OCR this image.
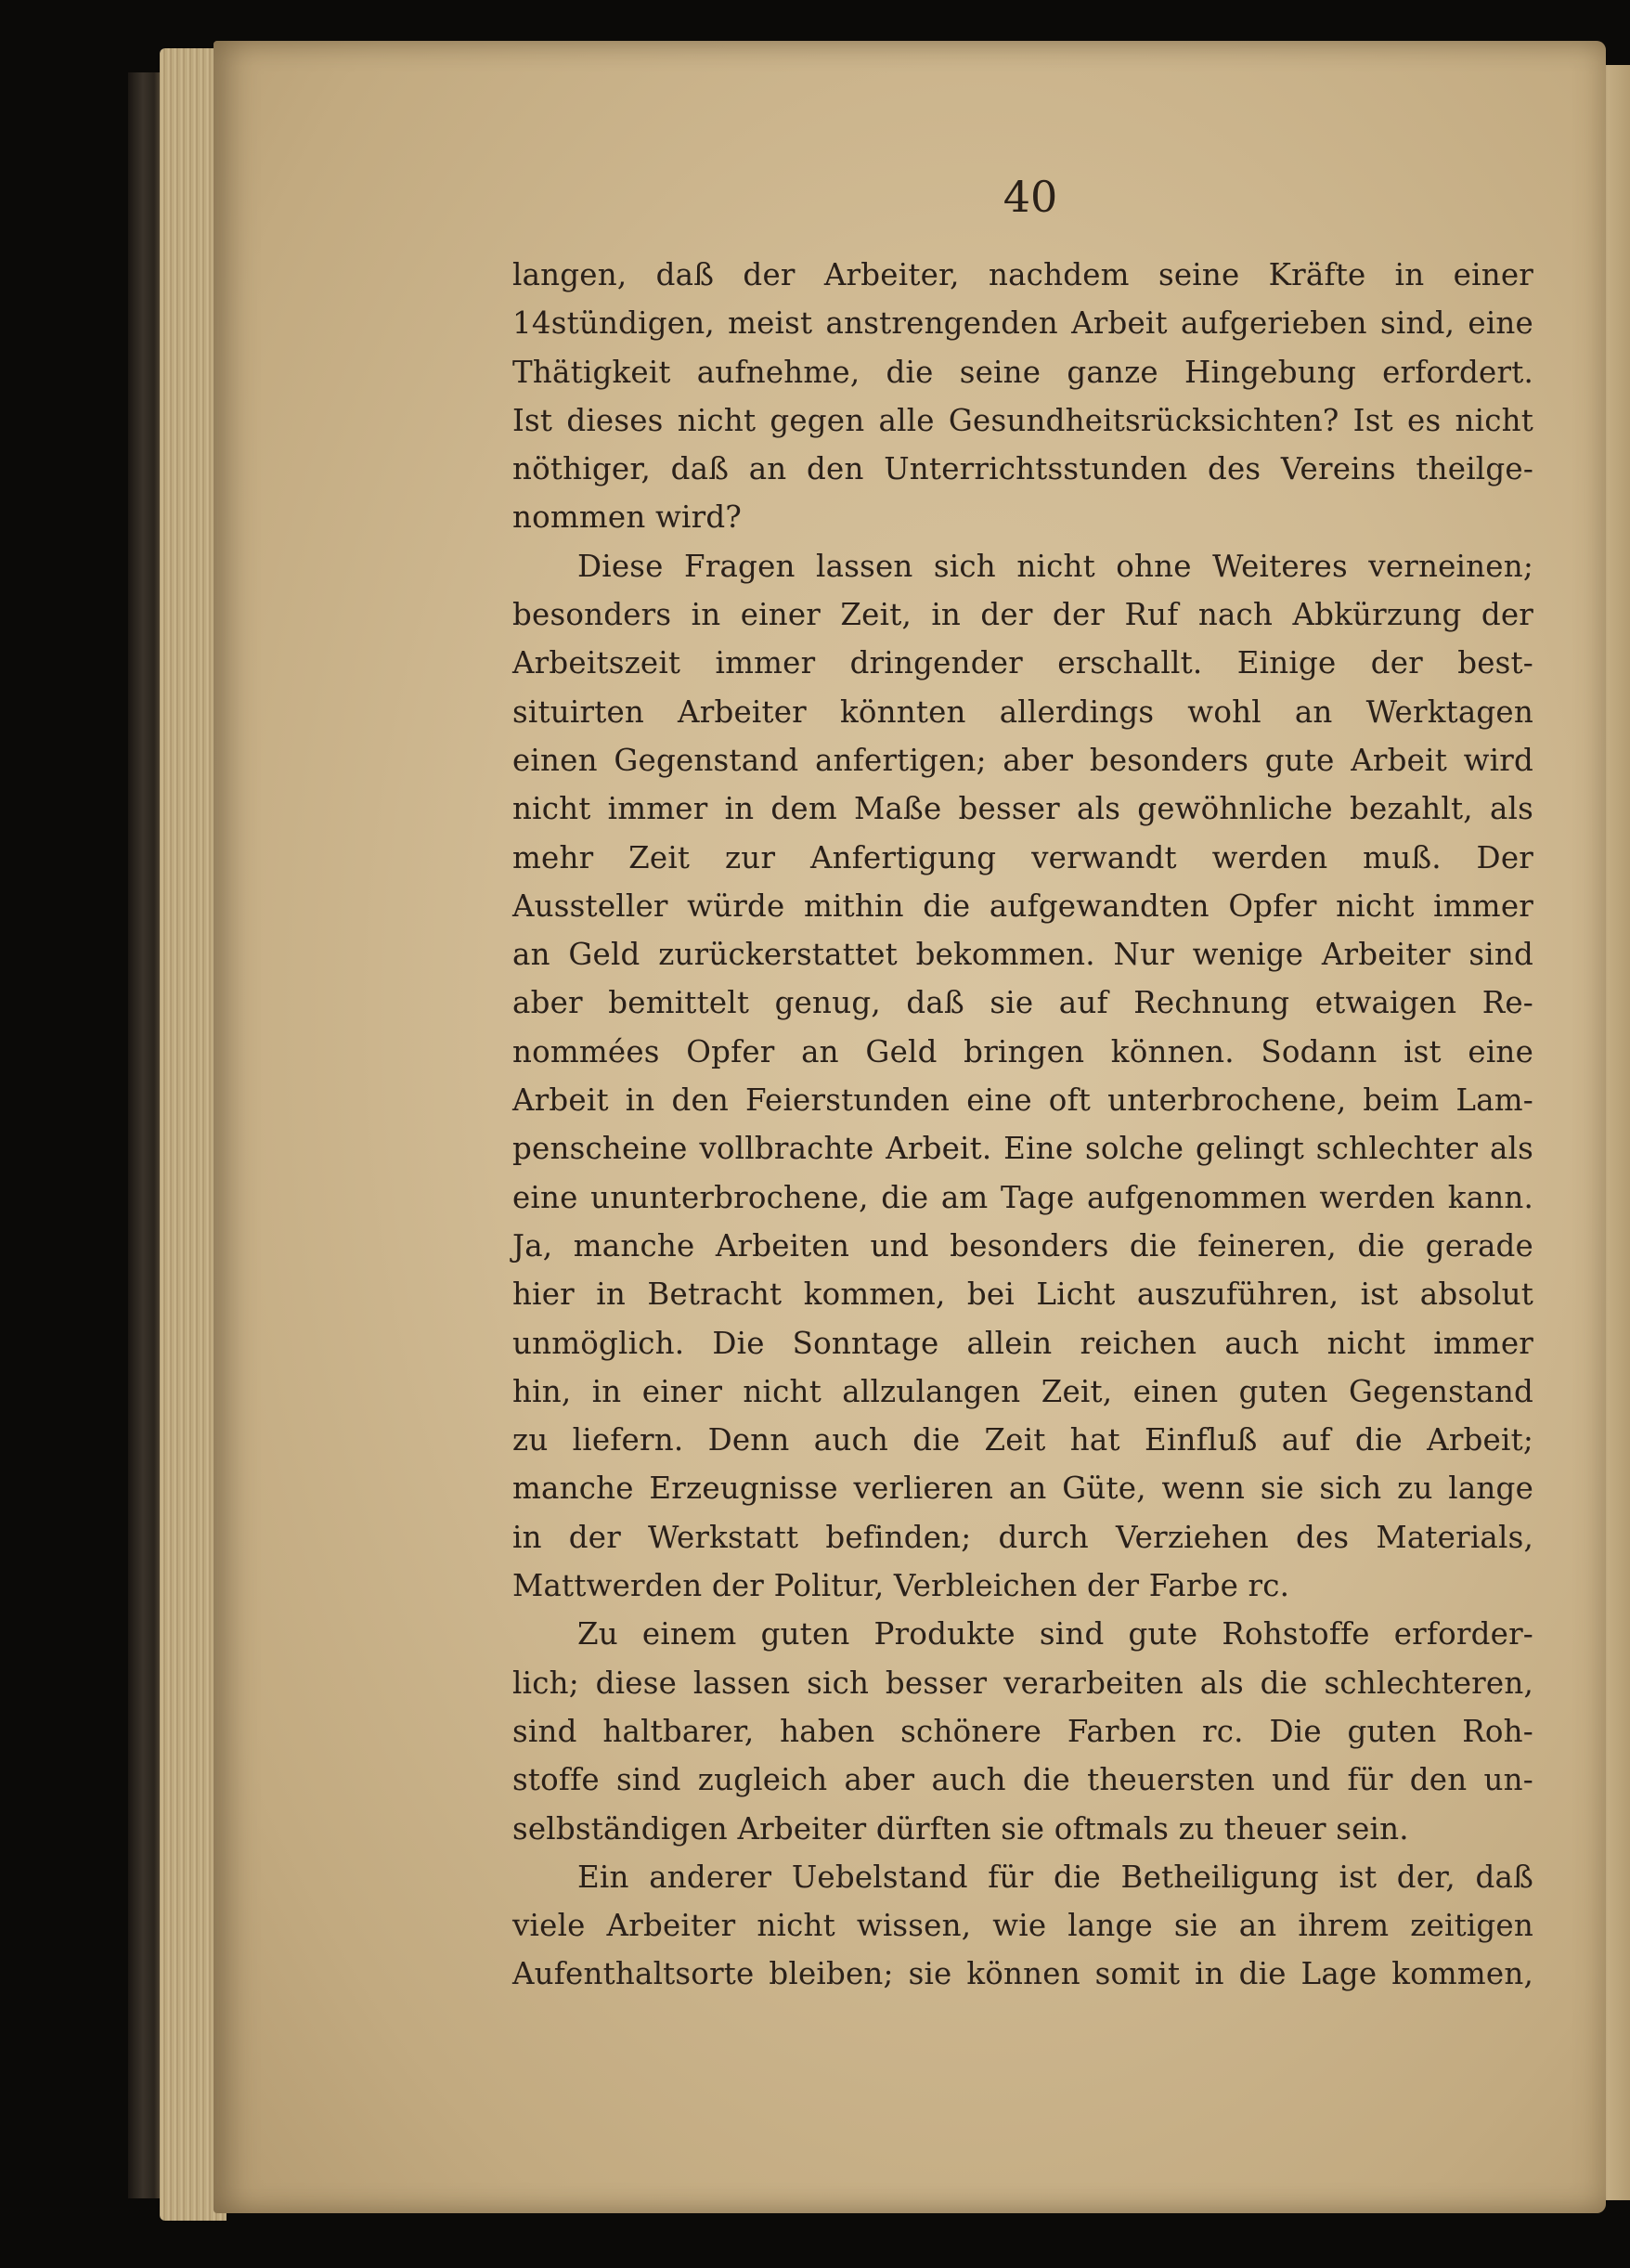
40
langen, daß der Arbeiter, nachdem seine Kräfte in einer
14stündigen, meist anstrengenden Arbeit aufgerieben sind, eine
Thätigkeit aufnehme, die seine ganze Hingebung erfordert.
Ist dieses nicht gegen alle Gesundheitsrücksichten? Ist es nicht
nöthiger, daß an den Unterrichtsstunden des Vereins theilge-
nommen wird?
Diese Fragen lassen sich nicht ohne Weiteres verneinen;
besonders in einer Zeit, in der der Ruf nach Abkürzung der
Arbeitszeit immer dringender erschallt. Einige der best-
situirten Arbeiter könnten allerdings wohl an Werktagen
einen Gegenstand anfertigen; aber besonders gute Arbeit wird
nicht immer in dem Maße besser als gewöhnliche bezahlt, als
mehr Zeit zur Anfertigung verwandt werden muß. Der
Aussteller würde mithin die aufgewandten Opfer nicht immer
an Geld zurückerstattet bekommen. Nur wenige Arbeiter sind
aber bemittelt genug, daß sie auf Rechnung etwaigen Re-
nommées Opfer an Geld bringen können. Sodann ist eine
Arbeit in den Feierstunden eine oft unterbrochene, beim Lam-
penscheine vollbrachte Arbeit. Eine solche gelingt schlechter als
eine ununterbrochene, die am Tage aufgenommen werden kann.
Ja, manche Arbeiten und besonders die feineren, die gerade
hier in Betracht kommen, bei Licht auszuführen, ist absolut
unmöglich. Die Sonntage allein reichen auch nicht immer
hin, in einer nicht allzulangen Zeit, einen guten Gegenstand
zu liefern. Denn auch die Zeit hat Einfluß auf die Arbeit;
manche Erzeugnisse verlieren an Güte, wenn sie sich zu lange
in der Werkstatt befinden; durch Verziehen des Materials,
Mattwerden der Politur, Verbleichen der Farbe rc.
Zu einem guten Produkte sind gute Rohstoffe erforder-
lich; diese lassen sich besser verarbeiten als die schlechteren,
sind haltbarer, haben schönere Farben rc. Die guten Roh-
stoffe sind zugleich aber auch die theuersten und für den un-
selbständigen Arbeiter dürften sie oftmals zu theuer sein.
Ein anderer Uebelstand für die Betheiligung ist der, daß
viele Arbeiter nicht wissen, wie lange sie an ihrem zeitigen
Aufenthaltsorte bleiben; sie können somit in die Lage kommen,
